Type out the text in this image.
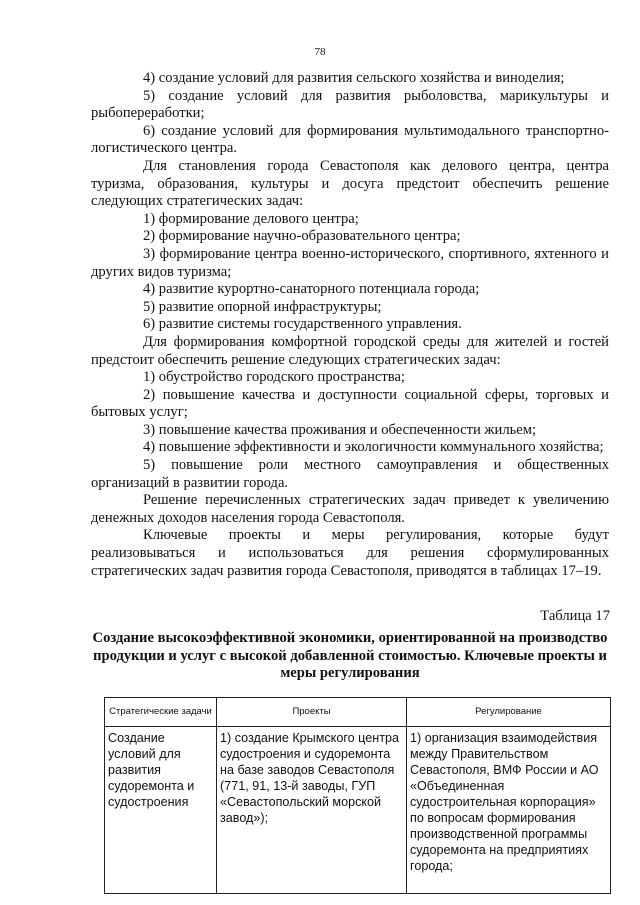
78

4) создание условий для развития сельского хозяйства и виноделия;

5) создание условий для развития рыболовства, марикультуры и рыбопереработки;

6) создание условий для формирования мультимодального транспортно-логистического центра.

Для становления города Севастополя как делового центра, центра туризма, образования, культуры и досуга предстоит обеспечить решение следующих стратегических задач:

1) формирование делового центра;

2) формирование научно-образовательного центра;

3) формирование центра военно-исторического, спортивного, яхтенного и других видов туризма;

4) развитие курортно-санаторного потенциала города;

5) развитие опорной инфраструктуры;

6) развитие системы государственного управления.

Для формирования комфортной городской среды для жителей и гостей предстоит обеспечить решение следующих стратегических задач:

1) обустройство городского пространства;

2) повышение качества и доступности социальной сферы, торговых и бытовых услуг;

3) повышение качества проживания и обеспеченности жильем;

4) повышение эффективности и экологичности коммунального хозяйства;

5) повышение роли местного самоуправления и общественных организаций в развитии города.

Решение перечисленных стратегических задач приведет к увеличению денежных доходов населения города Севастополя.

Ключевые проекты и меры регулирования, которые будут реализовываться и использоваться для решения сформулированных стратегических задач развития города Севастополя, приводятся в таблицах 17–19.

Таблица 17
Создание высокоэффективной экономики, ориентированной на производство продукции и услуг с высокой добавленной стоимостью. Ключевые проекты и меры регулирования
Стратегические задачи	Проекты	Регулирование
Создание условий для развития судоремонта и судостроения	1) создание Крымского центра судостроения и судоремонта на базе заводов Севастополя (771, 91, 13-й заводы, ГУП «Севастопольский морской завод»);	1) организация взаимодействия между Правительством Севастополя, ВМФ России и АО «Объединенная судостроительная корпорация» по вопросам формирования производственной программы судоремонта на предприятиях города;
